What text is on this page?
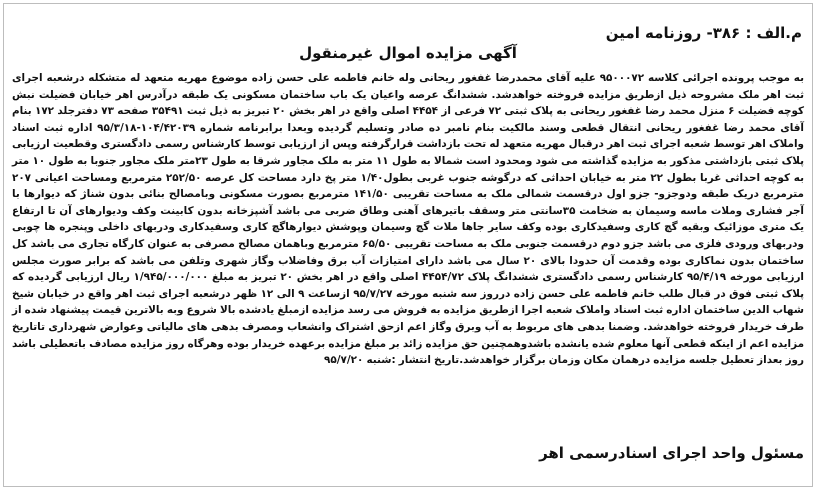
م.الف : ۳۸۶- روزنامه امین
آگهی مزایده اموال غیرمنقول

به موجب پرونده اجرائی کلاسه ۹۵۰۰۰۷۲ علیه آقای محمدرضا غفغور ریحانی وله خانم فاطمه علی حسن زاده موضوع مهریه متعهد له متشکله درشعبه اجرای ثبت اهر ملک مشروحه ذیل ازطریق مزایده فروخته خواهدشد. ششدانگ عرصه واعیان یک باب ساختمان مسکونی یک طبقه درآدرس اهر خیابان فضیلت نبش کوچه فضیلت ۶ منزل محمد رضا غفغور ریحانی به پلاک ثبتی ۷۲ فرعی از ۴۴۵۴ اصلی واقع در اهر بخش ۲۰ تبریز به ذیل ثبت ۳۵۴۹۱ صفحه ۷۳ دفترجلد ۱۷۲ بنام آقای محمد رضا غفغور ریحانی انتقال قطعی وسند مالکیت بنام نامبر ده صادر وتسلیم گردیده وبعدا برابرنامه شماره ۱۰۴/۴۲۰۳۹-۹۵/۳/۱۸ اداره ثبت اسناد واملاک اهر توسط شعبه اجرای ثبت اهر درقبال مهریه متعهد له تحت بازداشت قرارگرفته وپس از ارزیابی توسط کارشناس رسمی دادگستری وقطعیت ارزیابی پلاک ثبتی بازداشتی مذکور به مزایده گذاشته می شود ومحدود است شمالا به طول ۱۱ متر به ملک مجاور شرقا به طول ۲۳متر ملک مجاور جنوبا به طول ۱۰ متر به کوچه احداثی غربا بطول ۲۲ متر به خیابان احداثی که درگوشه جنوب غربی بطول۱/۴۰ متر پخ دارد مساحت کل عرصه ۲۵۲/۵۰ مترمربع ومساحت اعیانی ۲۰۷ مترمربع دریک طبقه ودوجزو- جزو اول درقسمت شمالی ملک به مساحت تقریبی ۱۴۱/۵۰ مترمربع بصورت مسکونی وبامصالح بنائی بدون شناژ که دیوارها با آجر فشاری وملات ماسه وسیمان به ضخامت ۳۵سانتی متر وسقف باتیرهای آهنی وطاق ضربی می باشد آشپزخانه بدون کابینت وکف ودیوارهای آن تا ارتفاع یک متری موزائیک وبقیه گچ کاری وسفیدکاری بوده وکف سایر جاها ملات گچ وسیمان وپوشش دیوارهاگچ کاری وسفیدکاری ودربهای داخلی وپنجره ها چوبی ودربهای ورودی فلزی می باشد جزو دوم درقسمت جنوبی ملک به مساحت تقریبی ۶۵/۵۰ مترمربع وباهمان مصالح مصرفی به عنوان کارگاه تجاری می باشد کل ساختمان بدون نماکاری بوده وقدمت آن حدودا بالای ۲۰ سال می باشد دارای امتیازات آب برق وفاضلاب وگاز شهری وتلفن می باشد که برابر صورت مجلس ارزیابی مورخه ۹۵/۴/۱۹ کارشناس رسمی دادگستری ششدانگ پلاک ۴۴۵۴/۷۲ اصلی واقع در اهر بخش ۲۰ تبریز به مبلغ ۱/۹۴۵/۰۰۰/۰۰۰ ریال ارزیابی گردیده که پلاک ثبتی فوق در قبال طلب خانم فاطمه علی حسن زاده درروز سه شنبه مورخه ۹۵/۷/۲۷ ازساعت ۹ الی ۱۲ ظهر درشعبه اجرای ثبت اهر واقع در خیابان شیخ شهاب الدین ساختمان اداره ثبت اسناد واملاک شعبه اجرا ازطریق مزایده به فروش می رسد مزایده ازمبلغ یادشده بالا شروع وبه بالاترین قیمت پیشنهاد شده از طرف خریدار فروخته خواهدشد. وضمنا بدهی های مربوط به آب وبرق وگاز اعم ازحق اشتراک وانشعاب ومصرف بدهی های مالیاتی وعوارض شهرداری تاتاریخ مزایده اعم از اینکه قطعی آنها معلوم شده یانشده باشدوهمچنین حق مزایده زائد بر مبلغ مزایده برعهده خریدار بوده وهرگاه روز مزایده مصادف باتعطیلی باشد روز بعداز تعطیل جلسه مزایده درهمان مکان وزمان برگزار خواهدشد.تاریخ انتشار :شنبه ۹۵/۷/۲۰

مسئول واحد اجرای اسنادرسمی اهر
